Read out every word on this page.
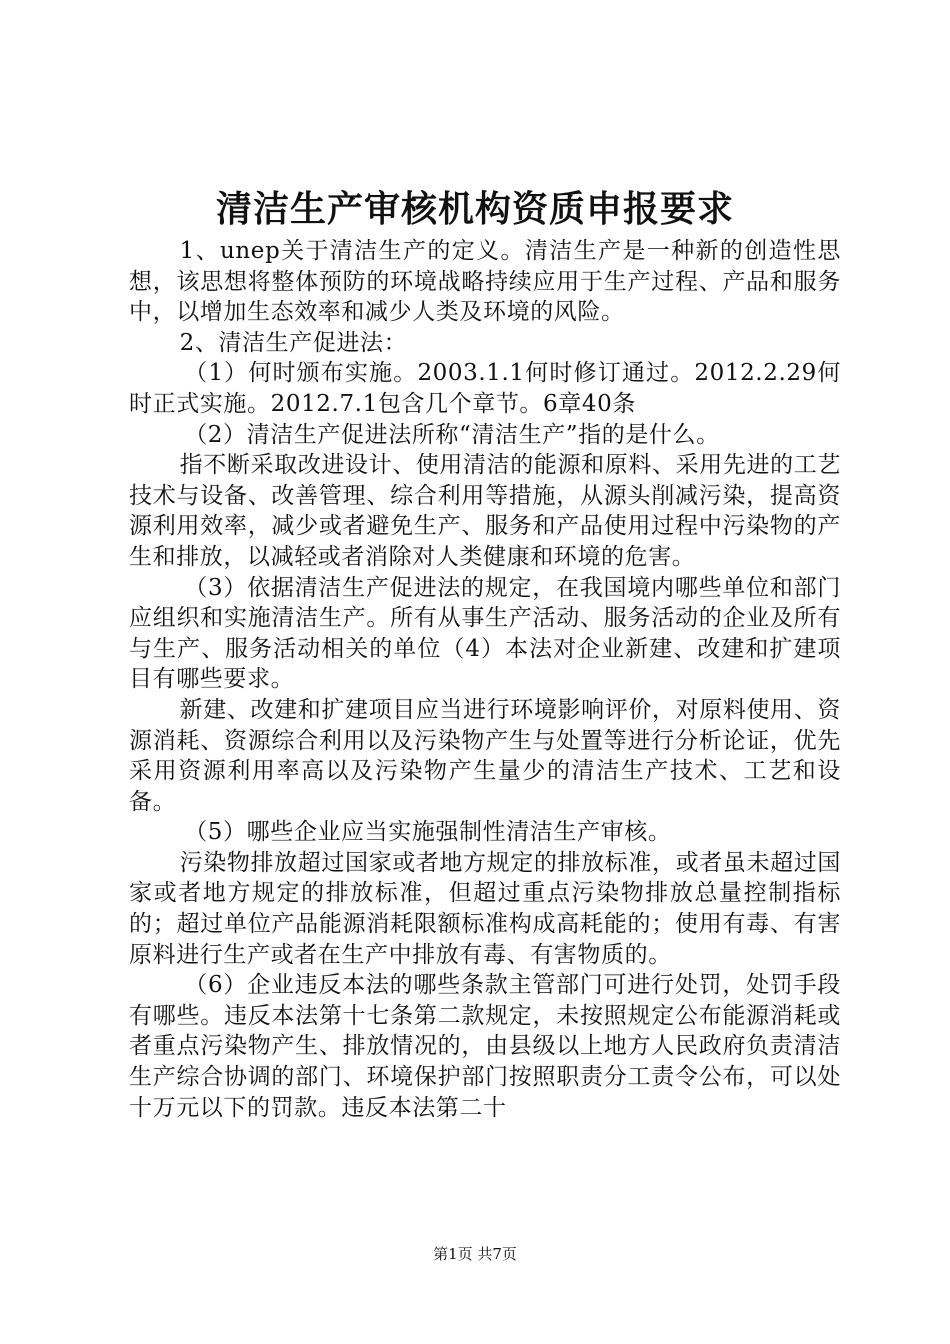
清洁生产审核机构资质申报要求

1、unep关于清洁生产的定义。清洁生产是一种新的创造性思想，该思想将整体预防的环境战略持续应用于生产过程、产品和服务中，以增加生态效率和减少人类及环境的风险。

2、清洁生产促进法：

（1）何时颁布实施。2003.1.1何时修订通过。2012.2.29何时正式实施。2012.7.1包含几个章节。6章40条

（2）清洁生产促进法所称“清洁生产”指的是什么。

指不断采取改进设计、使用清洁的能源和原料、采用先进的工艺技术与设备、改善管理、综合利用等措施，从源头削减污染，提高资源利用效率，减少或者避免生产、服务和产品使用过程中污染物的产生和排放，以减轻或者消除对人类健康和环境的危害。

（3）依据清洁生产促进法的规定，在我国境内哪些单位和部门应组织和实施清洁生产。所有从事生产活动、服务活动的企业及所有与生产、服务活动相关的单位（4）本法对企业新建、改建和扩建项目有哪些要求。

新建、改建和扩建项目应当进行环境影响评价，对原料使用、资源消耗、资源综合利用以及污染物产生与处置等进行分析论证，优先采用资源利用率高以及污染物产生量少的清洁生产技术、工艺和设备。

（5）哪些企业应当实施强制性清洁生产审核。

污染物排放超过国家或者地方规定的排放标准，或者虽未超过国家或者地方规定的排放标准，但超过重点污染物排放总量控制指标的；超过单位产品能源消耗限额标准构成高耗能的；使用有毒、有害原料进行生产或者在生产中排放有毒、有害物质的。

（6）企业违反本法的哪些条款主管部门可进行处罚，处罚手段有哪些。违反本法第十七条第二款规定，未按照规定公布能源消耗或者重点污染物产生、排放情况的，由县级以上地方人民政府负责清洁生产综合协调的部门、环境保护部门按照职责分工责令公布，可以处十万元以下的罚款。违反本法第二十

第1页 共7页
